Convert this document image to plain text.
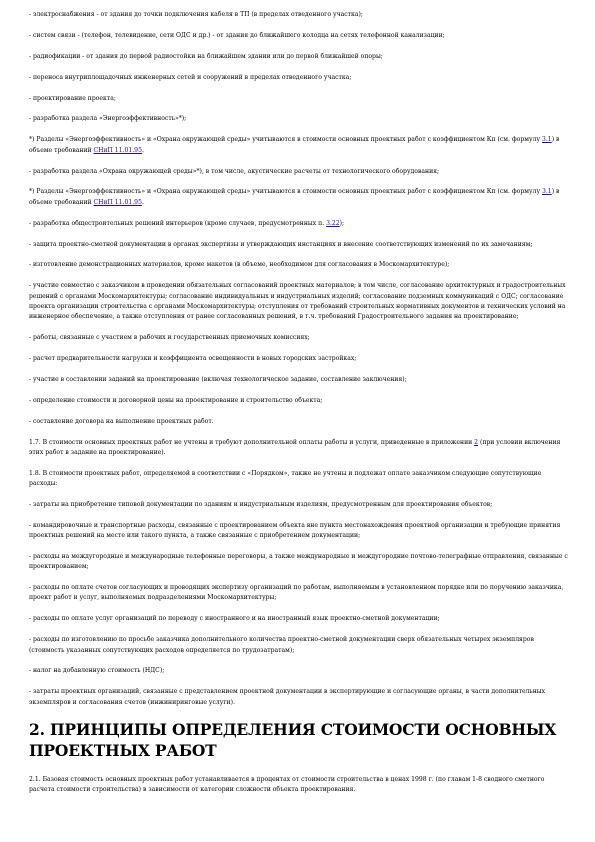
- электроснабжения - от здания до точки подключения кабеля в ТП (в пределах отведенного участка);

- систем связи - (телефон, телевидение, сети ОДС и др.) - от здания до ближайшего колодца на сетях телефонной канализации;

- радиофикации - от здания до первой радиостойки на ближайшем здании или до первой ближайшей опоры;

- переноса внутриплощадочных инженерных сетей и сооружений в пределах отведенного участка;

- проектирование проекта;

- разработка раздела «Энергоэффективность»*);

*) Разделы «Энергоэффективность» и «Охрана окружающей среды» учитываются в стоимости основных проектных работ с коэффициентом Кп (см. формулу 3.1) в объеме требований СНиП 11.01.95.

- разработка раздела «Охрана окружающей среды»*), в том числе, акустические расчеты от технологического оборудования;

*) Разделы «Энергоэффективность» и «Охрана окружающей среды» учитываются в стоимости основных проектных работ с коэффициентом Кп (см. формулу 3.1) в объеме требований СНиП 11.01.95.

- разработка общестроительных решений интерьеров (кроме случаев, предусмотренных п. 3.22);

- защита проектно-сметной документации в органах экспертизы и утверждающих инстанциях и внесение соответствующих изменений по их замечаниям;

- изготовление демонстрационных материалов, кроме макетов (в объеме, необходимом для согласования в Москомархитектуре);

- участие совместно с заказчиком в проведении обязательных согласований проектных материалов; в том числе, согласование архитектурных и градостроительных решений с органами Москомархитектуры; согласование индивидуальных и индустриальных изделий; согласование подземных коммуникаций с ОДС; согласование проекта организации строительства с органами Москомархитектуры; отступления от требований строительных нормативных документов и технических условий на инженерное обеспечение, а также отступления от ранее согласованных решений, в т.ч. требований Градостроительного задания на проектирование;

- работы, связанные с участием в рабочих и государственных приемочных комиссиях;

- расчет предварительности нагрузки и коэффициента освещенности в новых городских застройках;

- участие в составлении заданий на проектирование (включая технологическое задание, составление заключения);

- определение стоимости и договорной цены на проектирование и строительство объекта;

- составление договора на выполнение проектных работ.

1.7. В стоимости основных проектных работ не учтены и требуют дополнительной оплаты работы и услуги, приведенные в приложении 2 (при условии включения этих работ в задание на проектирование).

1.8. В стоимости проектных работ, определяемой в соответствии с «Порядком», также не учтены и подлежат оплате заказчиком следующие сопутствующие расходы:

- затраты на приобретение типовой документации по зданиям и индустриальным изделиям, предусмотренным для проектирования объектов;

- командировочные и транспортные расходы, связанные с проектированием объекта вне пункта местонахождения проектной организации и требующие принятия проектных решений на месте или такого пункта, а также связанные с приобретением документации;

- расходы на междугородные и международные телефонные переговоры, а также международные и междугородние почтово-телеграфные отправления, связанные с проектированием;

- расходы по оплате счетов согласующих и проводящих экспертизу организаций по работам, выполняемым в установленном порядке или по поручению заказчика, проект работ и услуг, выполняемых подразделениями Москомархитектуры;

- расходы по оплате услуг организаций по переводу с иностранного и на иностранный язык проектно-сметной документации;

- расходы по изготовлению по просьбе заказчика дополнительного количества проектно-сметной документации сверх обязательных четырех экземпляров (стоимость указанных сопутствующих расходов определяется по трудозатратам);

- налог на добавленную стоимость (НДС);

- затраты проектных организаций, связанные с представлением проектной документации в экспертирующие и согласующие органы, в части дополнительных экземпляров и согласования счетов (инжиниринговые услуги).

2. ПРИНЦИПЫ ОПРЕДЕЛЕНИЯ СТОИМОСТИ ОСНОВНЫХ ПРОЕКТНЫХ РАБОТ

2.1. Базовая стоимость основных проектных работ устанавливается в процентах от стоимости строительства в ценах 1998 г. (по главам 1-8 сводного сметного расчета стоимости строительства) в зависимости от категории сложности объекта проектирования.
